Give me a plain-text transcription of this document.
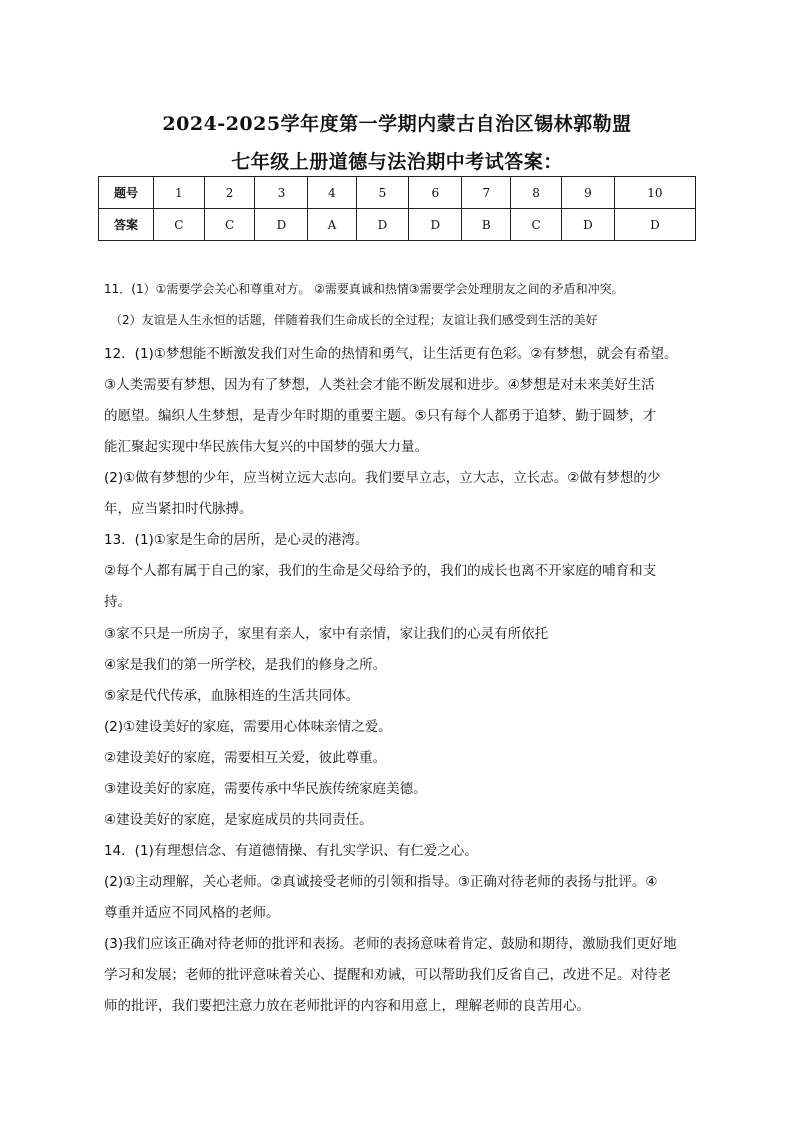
2024-2025学年度第一学期内蒙古自治区锡林郭勒盟
七年级上册道德与法治期中考试答案：
题号	1	2	3	4	5	6	7	8	9	10
答案	C	C	D	A	D	D	B	C	D	D
11．(1）①需要学会关心和尊重对方。 ②需要真诚和热情③需要学会处理朋友之间的矛盾和冲突。
（2）友谊是人生永恒的话题，伴随着我们生命成长的全过程；友谊让我们感受到生活的美好
12．(1)①梦想能不断激发我们对生命的热情和勇气，让生活更有色彩。②有梦想，就会有希望。
③人类需要有梦想，因为有了梦想，人类社会才能不断发展和进步。④梦想是对未来美好生活
的愿望。编织人生梦想，是青少年时期的重要主题。⑤只有每个人都勇于追梦、勤于圆梦，才
能汇聚起实现中华民族伟大复兴的中国梦的强大力量。
(2)①做有梦想的少年，应当树立远大志向。我们要早立志，立大志，立长志。②做有梦想的少
年，应当紧扣时代脉搏。
13．(1)①家是生命的居所，是心灵的港湾。
②每个人都有属于自己的家，我们的生命是父母给予的，我们的成长也离不开家庭的哺育和支
持。
③家不只是一所房子，家里有亲人，家中有亲情，家让我们的心灵有所依托
④家是我们的第一所学校，是我们的修身之所。
⑤家是代代传承，血脉相连的生活共同体。
(2)①建设美好的家庭，需要用心体味亲情之爱。
②建设美好的家庭，需要相互关爱，彼此尊重。
③建设美好的家庭，需要传承中华民族传统家庭美德。
④建设美好的家庭，是家庭成员的共同责任。
14．(1)有理想信念、有道德情操、有扎实学识、有仁爱之心。
(2)①主动理解，关心老师。②真诚接受老师的引领和指导。③正确对待老师的表扬与批评。④
尊重并适应不同风格的老师。
(3)我们应该正确对待老师的批评和表扬。老师的表扬意味着肯定、鼓励和期待，激励我们更好地
学习和发展；老师的批评意味着关心、提醒和劝诫，可以帮助我们反省自己，改进不足。对待老
师的批评，我们要把注意力放在老师批评的内容和用意上，理解老师的良苦用心。
